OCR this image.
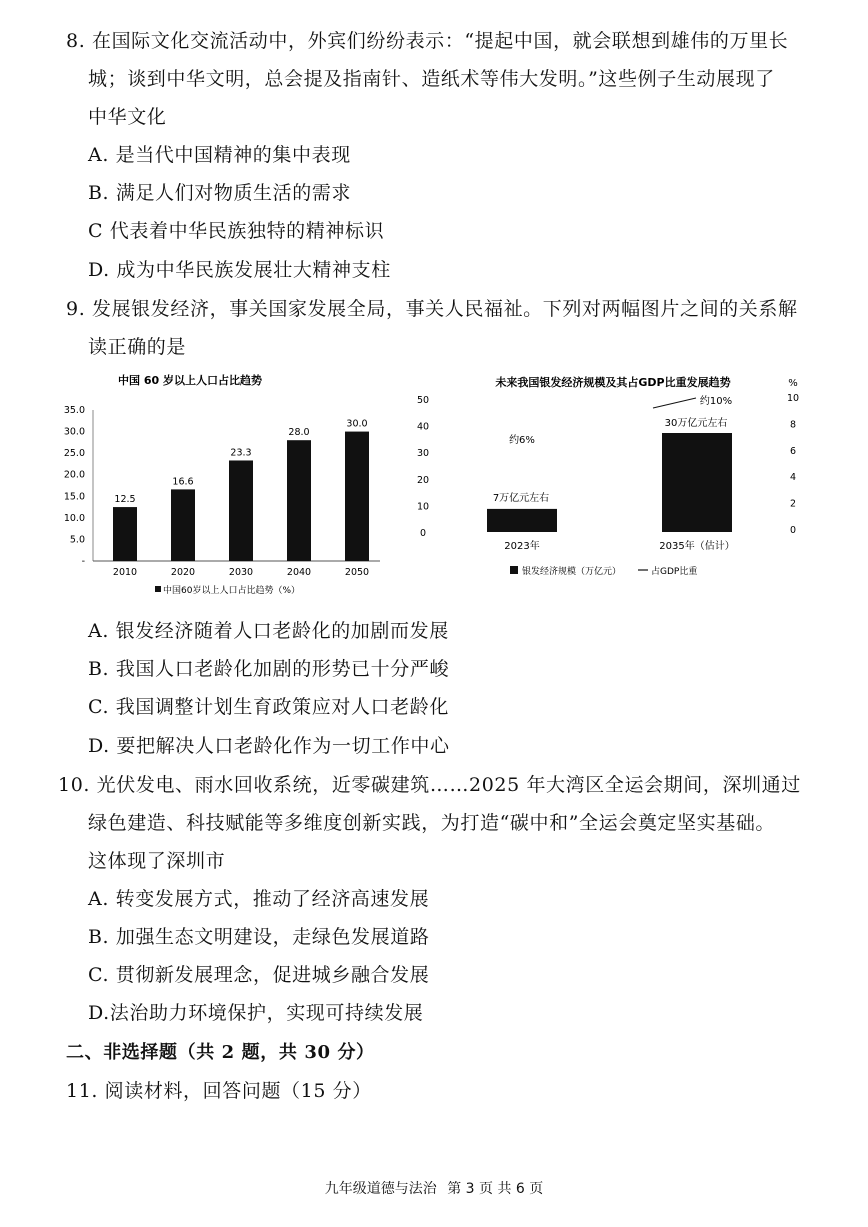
8. 在国际文化交流活动中，外宾们纷纷表示：“提起中国，就会联想到雄伟的万里长
城；谈到中华文明，总会提及指南针、造纸术等伟大发明。”这些例子生动展现了
中华文化
A. 是当代中国精神的集中表现
B. 满足人们对物质生活的需求
C 代表着中华民族独特的精神标识
D. 成为中华民族发展壮大精神支柱
9. 发展银发经济，事关国家发展全局，事关人民福祉。下列对两幅图片之间的关系解
读正确的是
中国 60 岁以上人口占比趋势
35.0
30.0
25.0
20.0
15.0
10.0
5.0
-
50
40
30
20
10
0
12.5
16.6
23.3
28.0
30.0
2010	2020	2030	2040	2050
中国60岁以上人口占比趋势（%）
未来我国银发经济规模及其占GDP比重发展趋势	%
10
8
6
4
2
0
2023年	2035年（估计）
7万亿元左右
30万亿元左右
约6%
约10%
银发经济规模（万亿元）	占GDP比重
A. 银发经济随着人口老龄化的加剧而发展
B. 我国人口老龄化加剧的形势已十分严峻
C. 我国调整计划生育政策应对人口老龄化
D. 要把解决人口老龄化作为一切工作中心
10. 光伏发电、雨水回收系统，近零碳建筑……2025 年大湾区全运会期间，深圳通过
绿色建造、科技赋能等多维度创新实践，为打造“碳中和”全运会奠定坚实基础。
这体现了深圳市
A. 转变发展方式，推动了经济高速发展
B. 加强生态文明建设，走绿色发展道路
C. 贯彻新发展理念，促进城乡融合发展
D.法治助力环境保护，实现可持续发展
二、非选择题（共 2 题，共 30 分）
11. 阅读材料，回答问题（15 分）
九年级道德与法治 第 3 页 共 6 页
